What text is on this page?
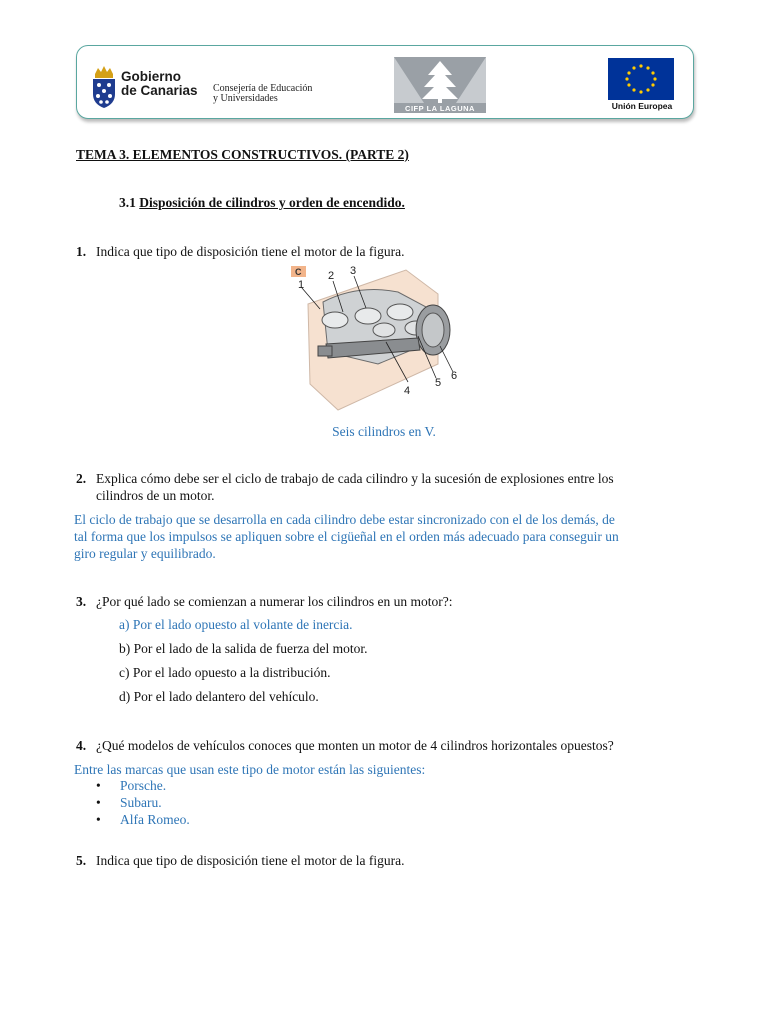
Gobierno
de Canarias Consejería de Educación
y Universidades
CIFP LA LAGUNA	Unión Europea
TEMA 3. ELEMENTOS CONSTRUCTIVOS. (PARTE 2)
3.1 Disposición de cilindros y orden de encendido.
1. Indica que tipo de disposición tiene el motor de la figura.
C
1
2 3
4
5
6
Seis cilindros en V.
2. Explica cómo debe ser el ciclo de trabajo de cada cilindro y la sucesión de explosiones entre los
cilindros de un motor.
El ciclo de trabajo que se desarrolla en cada cilindro debe estar sincronizado con el de los demás, de
tal forma que los impulsos se apliquen sobre el cigüeñal en el orden más adecuado para conseguir un
giro regular y equilibrado.
3. ¿Por qué lado se comienzan a numerar los cilindros en un motor?:
a) Por el lado opuesto al volante de inercia.
b) Por el lado de la salida de fuerza del motor.
c) Por el lado opuesto a la distribución.
d) Por el lado delantero del vehículo.
4. ¿Qué modelos de vehículos conoces que monten un motor de 4 cilindros horizontales opuestos?
Entre las marcas que usan este tipo de motor están las siguientes:
• Porsche.
• Subaru.
• Alfa Romeo.
5. Indica que tipo de disposición tiene el motor de la figura.
